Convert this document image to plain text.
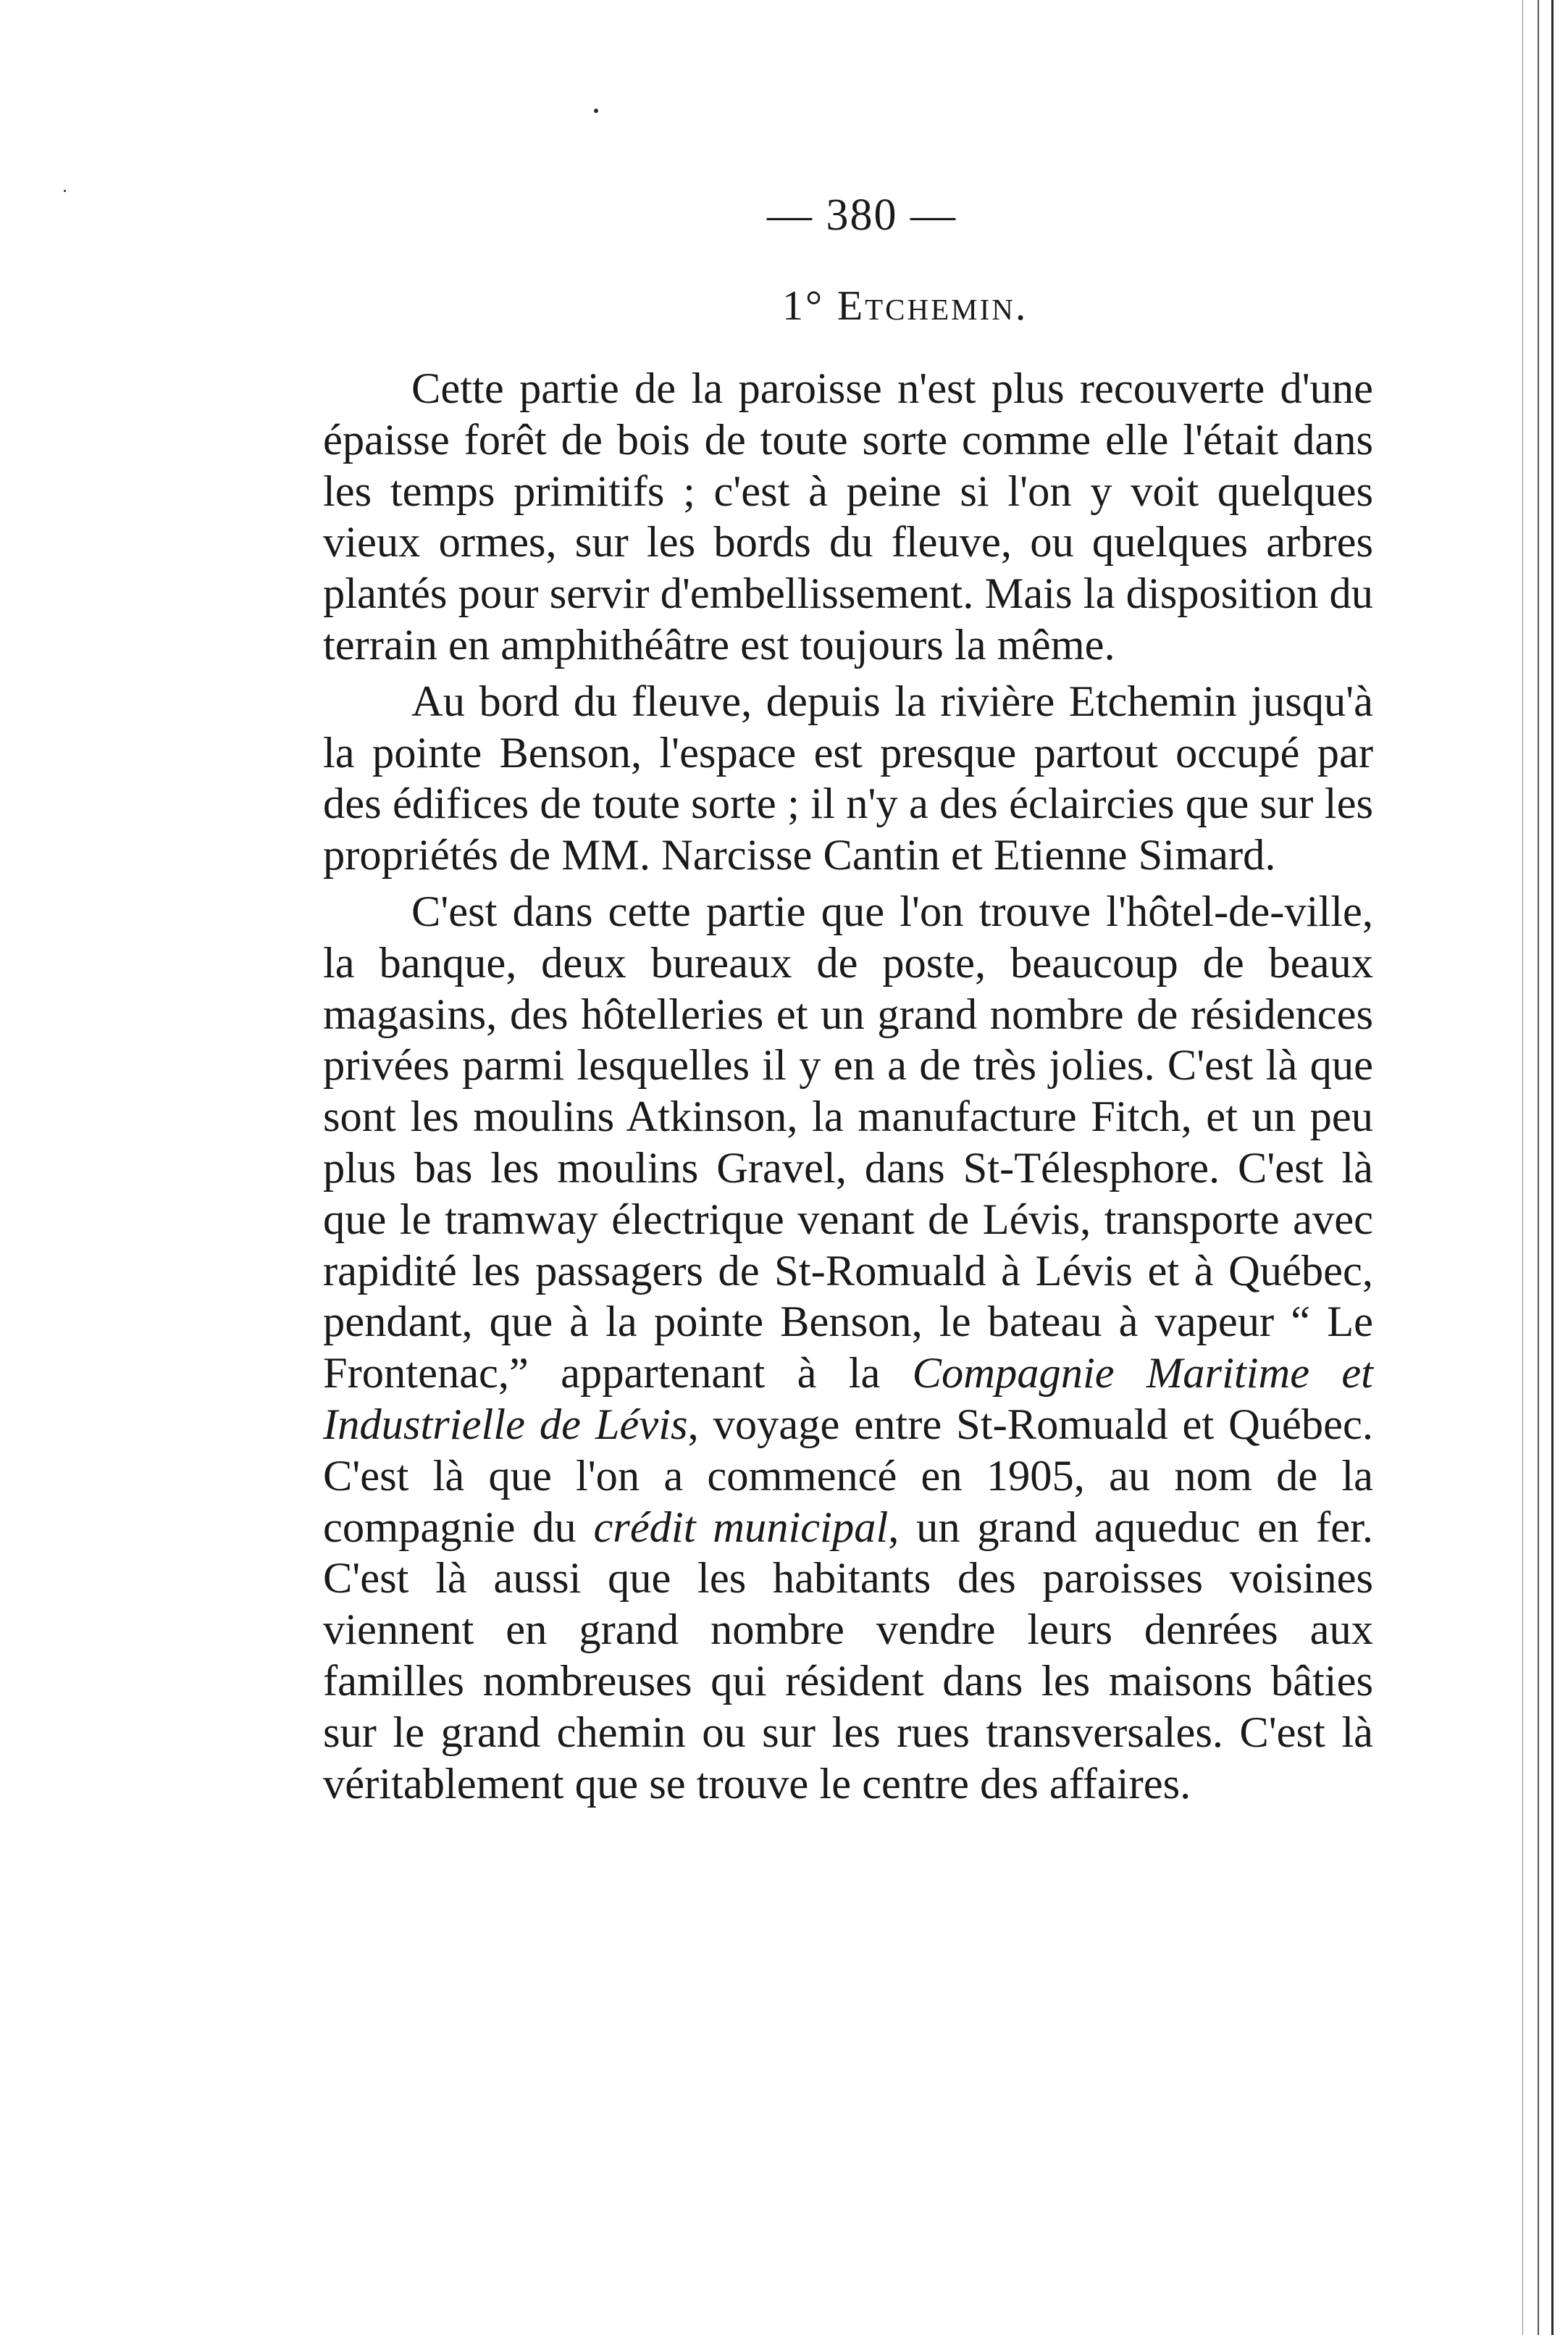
— 380 —
1° Etchemin.

Cette partie de la paroisse n'est plus recouverte d'une épaisse forêt de bois de toute sorte comme elle l'était dans les temps primitifs ; c'est à peine si l'on y voit quelques vieux ormes, sur les bords du fleuve, ou quelques arbres plantés pour servir d'embellissement. Mais la disposition du terrain en amphithéâtre est toujours la même.

Au bord du fleuve, depuis la rivière Etchemin jusqu'à la pointe Benson, l'espace est presque partout occupé par des édifices de toute sorte ; il n'y a des éclaircies que sur les propriétés de MM. Narcisse Cantin et Etienne Simard.

C'est dans cette partie que l'on trouve l'hôtel-de-ville, la banque, deux bureaux de poste, beaucoup de beaux magasins, des hôtelleries et un grand nombre de résidences privées parmi lesquelles il y en a de très jolies. C'est là que sont les moulins Atkinson, la manufacture Fitch, et un peu plus bas les moulins Gravel, dans St-Télesphore. C'est là que le tramway électrique venant de Lévis, transporte avec rapidité les passagers de St-Romuald à Lévis et à Québec, pendant, que à la pointe Benson, le bateau à vapeur “ Le Frontenac,” appartenant à la Compagnie Maritime et Industrielle de Lévis, voyage entre St-Romuald et Québec. C'est là que l'on a commencé en 1905, au nom de la compagnie du crédit municipal, un grand aqueduc en fer. C'est là aussi que les habitants des paroisses voisines viennent en grand nombre vendre leurs denrées aux familles nombreuses qui résident dans les maisons bâties sur le grand chemin ou sur les rues transversales. C'est là véritablement que se trouve le centre des affaires.
